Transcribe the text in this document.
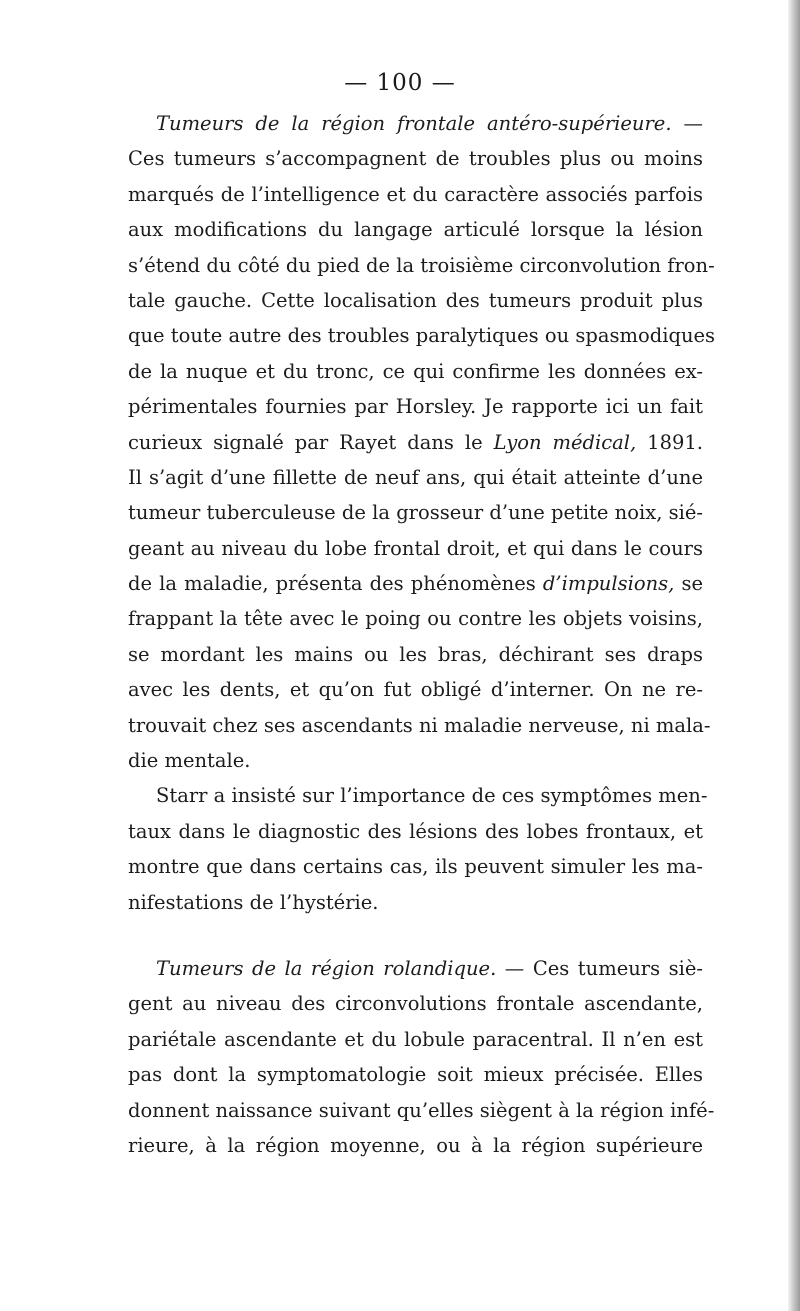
— 100 —
Tumeurs de la région frontale antéro-supérieure. —
Ces tumeurs s’accompagnent de troubles plus ou moins
marqués de l’intelligence et du caractère associés parfois
aux modifications du langage articulé lorsque la lésion
s’étend du côté du pied de la troisième circonvolution fron-
tale gauche. Cette localisation des tumeurs produit plus
que toute autre des troubles paralytiques ou spasmodiques
de la nuque et du tronc, ce qui confirme les données ex-
périmentales fournies par Horsley. Je rapporte ici un fait
curieux signalé par Rayet dans le Lyon médical, 1891.
Il s’agit d’une fillette de neuf ans, qui était atteinte d’une
tumeur tuberculeuse de la grosseur d’une petite noix, sié-
geant au niveau du lobe frontal droit, et qui dans le cours
de la maladie, présenta des phénomènes d’impulsions, se
frappant la tête avec le poing ou contre les objets voisins,
se mordant les mains ou les bras, déchirant ses draps
avec les dents, et qu’on fut obligé d’interner. On ne re-
trouvait chez ses ascendants ni maladie nerveuse, ni mala-
die mentale.
Starr a insisté sur l’importance de ces symptômes men-
taux dans le diagnostic des lésions des lobes frontaux, et
montre que dans certains cas, ils peuvent simuler les ma-
nifestations de l’hystérie.
Tumeurs de la région rolandique. — Ces tumeurs siè-
gent au niveau des circonvolutions frontale ascendante,
pariétale ascendante et du lobule paracentral. Il n’en est
pas dont la symptomatologie soit mieux précisée. Elles
donnent naissance suivant qu’elles siègent à la région infé-
rieure, à la région moyenne, ou à la région supérieure
